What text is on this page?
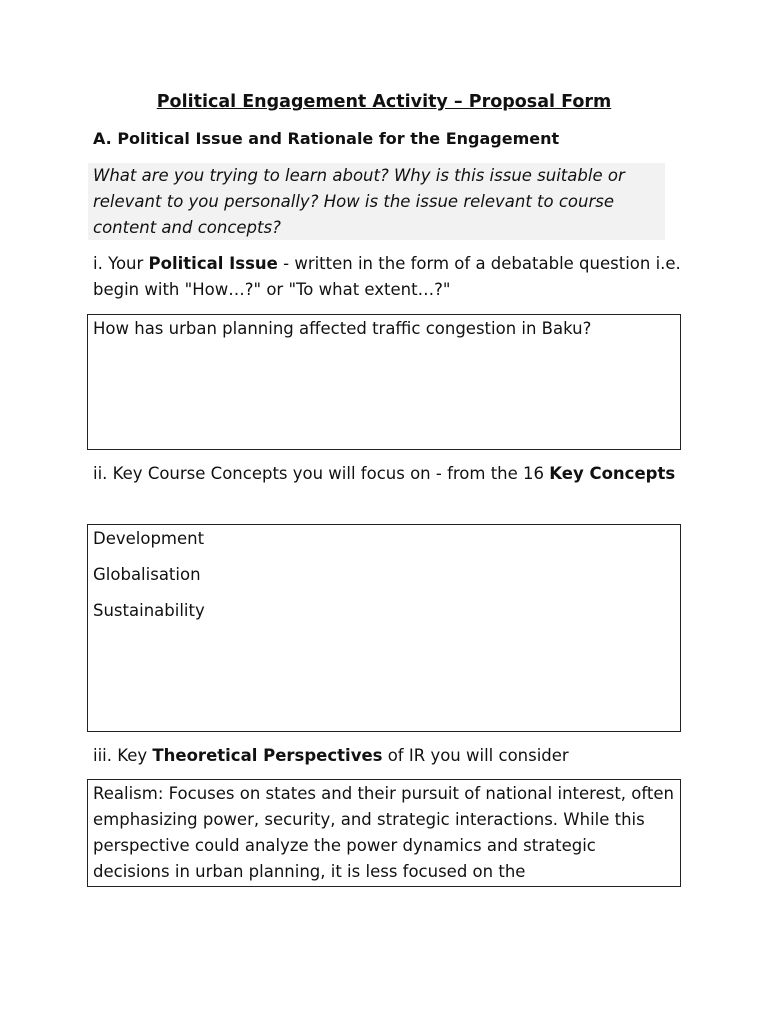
Political Engagement Activity – Proposal Form
A. Political Issue and Rationale for the Engagement
What are you trying to learn about? Why is this issue suitable or relevant to you personally? How is the issue relevant to course content and concepts?
i. Your Political Issue - written in the form of a debatable question i.e. begin with "How…?" or "To what extent…?"
How has urban planning affected traffic congestion in Baku?
ii. Key Course Concepts you will focus on - from the 16 Key Concepts
Development
Globalisation
Sustainability
iii. Key Theoretical Perspectives of IR you will consider
Realism: Focuses on states and their pursuit of national interest, often emphasizing power, security, and strategic interactions. While this perspective could analyze the power dynamics and strategic decisions in urban planning, it is less focused on the
